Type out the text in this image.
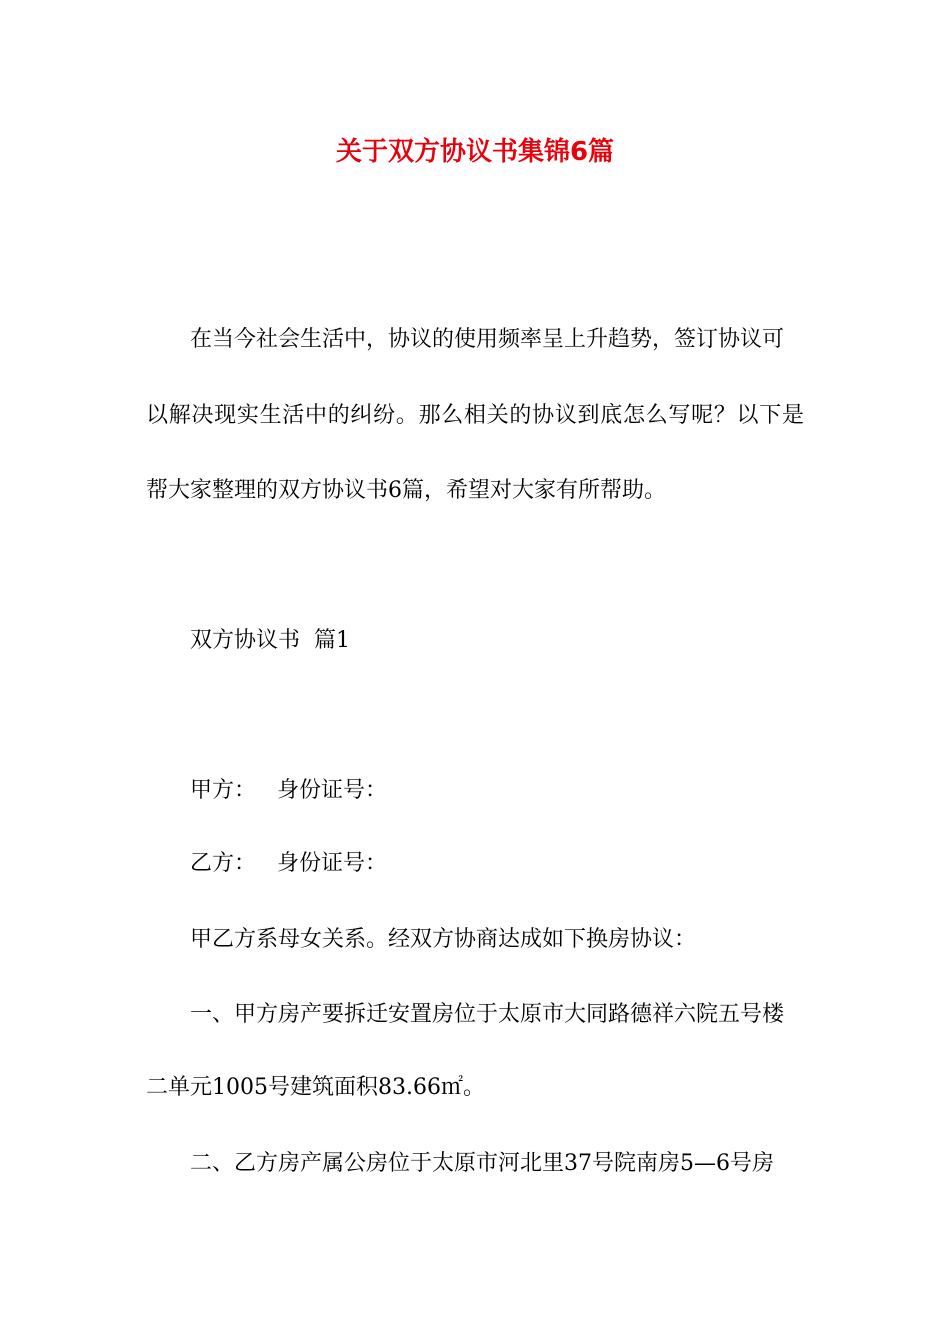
关于双方协议书集锦6篇
在当今社会生活中，协议的使用频率呈上升趋势，签订协议可
以解决现实生活中的纠纷。那么相关的协议到底怎么写呢？以下是
帮大家整理的双方协议书6篇，希望对大家有所帮助。
双方协议书  篇1
甲方：   身份证号：
乙方：   身份证号：
甲乙方系母女关系。经双方协商达成如下换房协议：
一、甲方房产要拆迁安置房位于太原市大同路德祥六院五号楼
二单元1005号建筑面积83.66㎡。
二、乙方房产属公房位于太原市河北里37号院南房5—6号房
